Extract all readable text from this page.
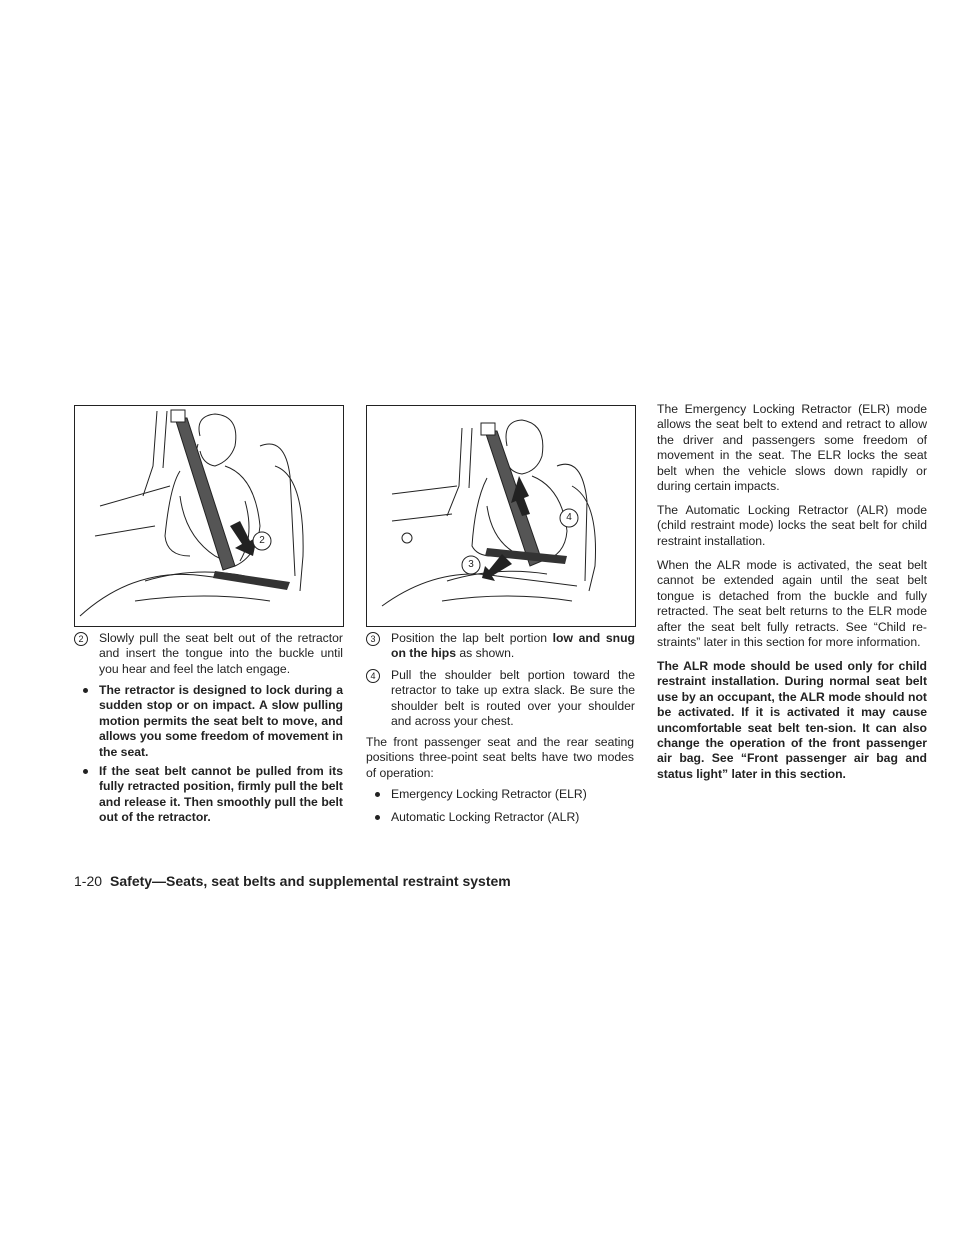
2
4
3
2	Slowly pull the seat belt out of the retractor and insert the tongue into the buckle until you hear and feel the latch engage.
The retractor is designed to lock during a sudden stop or on impact. A slow pulling motion permits the seat belt to move, and allows you some freedom of movement in the seat.
If the seat belt cannot be pulled from its fully retracted position, firmly pull the belt and release it. Then smoothly pull the belt out of the retractor.
3	Position the lap belt portion low and snug on the hips as shown.
4	Pull the shoulder belt portion toward the retractor to take up extra slack. Be sure the shoulder belt is routed over your shoulder and across your chest.

The front passenger seat and the rear seating positions three-point seat belts have two modes of operation:

Emergency Locking Retractor (ELR)
Automatic Locking Retractor (ALR)

The Emergency Locking Retractor (ELR) mode allows the seat belt to extend and retract to allow the driver and passengers some freedom of movement in the seat. The ELR locks the seat belt when the vehicle slows down rapidly or during certain impacts.

The Automatic Locking Retractor (ALR) mode (child restraint mode) locks the seat belt for child restraint installation.

When the ALR mode is activated, the seat belt cannot be extended again until the seat belt tongue is detached from the buckle and fully retracted. The seat belt returns to the ELR mode after the seat belt fully retracts. See “Child re-straints” later in this section for more information.

The ALR mode should be used only for child restraint installation. During normal seat belt use by an occupant, the ALR mode should not be activated. If it is activated it may cause uncomfortable seat belt ten-sion. It can also change the operation of the front passenger air bag. See “Front passenger air bag and status light” later in this section.

1-20 Safety—Seats, seat belts and supplemental restraint system
